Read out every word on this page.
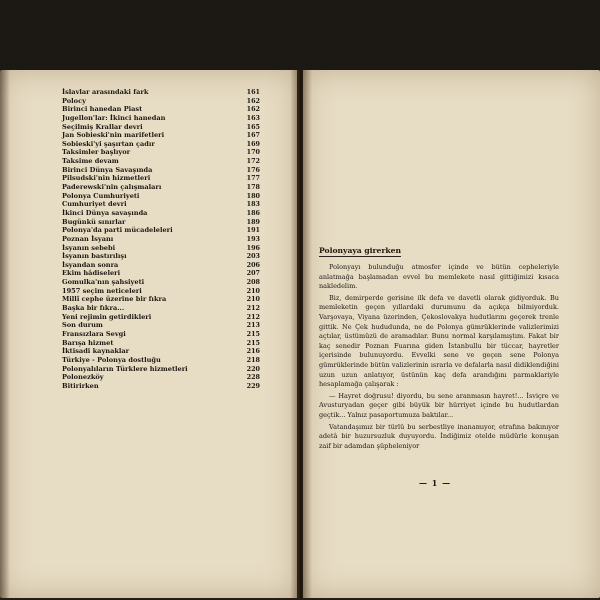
İslavlar arasındaki fark	161
Polocy	162
Birinci hanedan Piast	162
Jugellon'lar: İkinci hanedan	163
Seçilmiş Krallar devri	165
Jan Sobieski'nin marifetleri	167
Sobieski'yi şaşırtan çadır	169
Taksimler başlıyor	170
Taksime devam	172
Birinci Dünya Savaşında	176
Pilsudski'nin hizmetleri	177
Paderewski'nin çalışmaları	178
Polonya Cumhuriyeti	180
Cumhuriyet devri	183
İkinci Dünya savaşında	186
Bugünkü sınırlar	189
Polonya'da parti mücadeleleri	191
Poznan İsyanı	193
İsyanın sebebi	196
İsyanın bastırılışı	203
İsyandan sonra	206
Ekim hâdiseleri	207
Gomulka'nın şahsiyeti	208
1957 seçim neticeleri	210
Millî cephe üzerine bir fıkra	210
Başka bir fıkra...	212
Yeni rejimin getirdikleri	212
Son durum	213
Fransızlara Sevgi	215
Barışa hizmet	215
İktisadi kaynaklar	216
Türkiye - Polonya dostluğu	218
Polonyalıların Türklere hizmetleri	220
Polonezköy	228
Bitirirken	229
Polonyaya girerken

Polonyayı bulunduğu atmosfer içinde ve bütün cepheleriyle anlatmağa başlamadan evvel bu memlekete nasıl gittiğimizi kısaca nakledelim.

Biz, demirperde gerisine ilk defa ve davetli olarak gidiyorduk. Bu memleketin geçen yıllardaki durumunu da açıkça bilmiyorduk. Varşovaya, Viyana üzerinden, Çekoslovakya hudutlarını geçerek trenle gittik. Ne Çek hududunda, ne de Polonya gümrüklerinde valizlerimizi açtılar, üstümüzü de aramadılar. Bunu normal karşılamıştım. Fakat bir kaç senedir Poznan Fuarına giden İstanbullu bir tüccar, hayretler içerisinde bulunuyordu. Evvelki sene ve geçen sene Polonya gümrüklerinde bütün valizlerinin ısrarla ve defalarla nasıl didiklendiğini uzun uzun anlatıyor, üstünün kaç defa arandığını parmaklariyle hesaplamağa çalışarak :

— Hayret doğrusu! diyordu, bu sene aranmasın hayret!... İsviçre ve Avusturyadan geçer gibi büyük bir hürriyet içinde bu hudutlardan geçtik... Yalnız pasaportumuza baktılar...

Vatandaşımız bir türlü bu serbestliye inanamıyor, etrafına bakınıyor adetâ bir huzursuzluk duyuyordu. İndiğimiz otelde müdürle konuşan zaif bir adamdan şüpheleniyor

— 1 —
